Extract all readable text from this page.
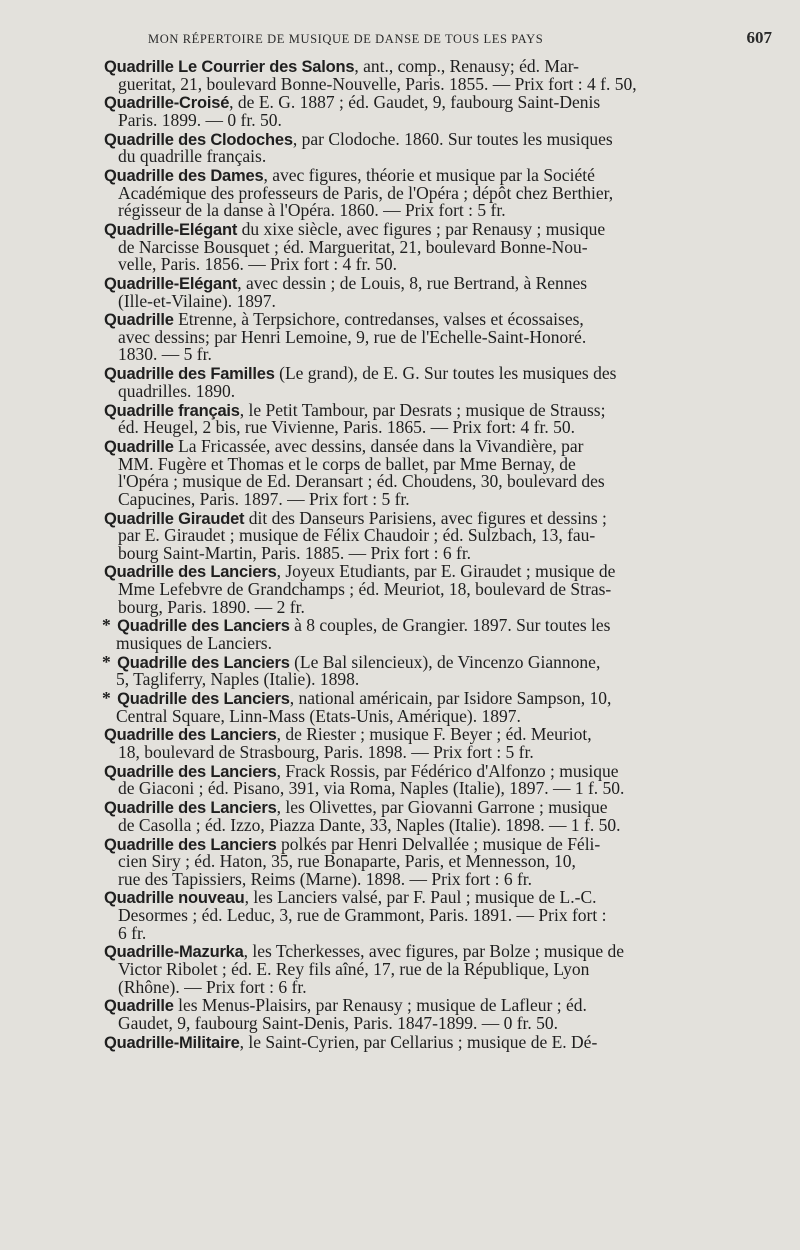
MON RÉPERTOIRE DE MUSIQUE DE DANSE DE TOUS LES PAYS	607
Quadrille Le Courrier des Salons, ant., comp., Renausy; éd. Mar-
gueritat, 21, boulevard Bonne-Nouvelle, Paris. 1855. — Prix fort : 4 f. 50,
Quadrille-Croisé, de E. G. 1887 ; éd. Gaudet, 9, faubourg Saint-Denis
Paris. 1899. — 0 fr. 50.
Quadrille des Clodoches, par Clodoche. 1860. Sur toutes les musiques
du quadrille français.
Quadrille des Dames, avec figures, théorie et musique par la Société
Académique des professeurs de Paris, de l'Opéra ; dépôt chez Berthier,
régisseur de la danse à l'Opéra. 1860. — Prix fort : 5 fr.
Quadrille-Elégant du xixe siècle, avec figures ; par Renausy ; musique
de Narcisse Bousquet ; éd. Margueritat, 21, boulevard Bonne-Nou-
velle, Paris. 1856. — Prix fort : 4 fr. 50.
Quadrille-Elégant, avec dessin ; de Louis, 8, rue Bertrand, à Rennes
(Ille-et-Vilaine). 1897.
Quadrille Etrenne, à Terpsichore, contredanses, valses et écossaises,
avec dessins; par Henri Lemoine, 9, rue de l'Echelle-Saint-Honoré.
1830. — 5 fr.
Quadrille des Familles (Le grand), de E. G. Sur toutes les musiques des
quadrilles. 1890.
Quadrille français, le Petit Tambour, par Desrats ; musique de Strauss;
éd. Heugel, 2 bis, rue Vivienne, Paris. 1865. — Prix fort: 4 fr. 50.
Quadrille La Fricassée, avec dessins, dansée dans la Vivandière, par
MM. Fugère et Thomas et le corps de ballet, par Mme Bernay, de
l'Opéra ; musique de Ed. Deransart ; éd. Choudens, 30, boulevard des
Capucines, Paris. 1897. — Prix fort : 5 fr.
Quadrille Giraudet dit des Danseurs Parisiens, avec figures et dessins ;
par E. Giraudet ; musique de Félix Chaudoir ; éd. Sulzbach, 13, fau-
bourg Saint-Martin, Paris. 1885. — Prix fort : 6 fr.
Quadrille des Lanciers, Joyeux Etudiants, par E. Giraudet ; musique de
Mme Lefebvre de Grandchamps ; éd. Meuriot, 18, boulevard de Stras-
bourg, Paris. 1890. — 2 fr.
* Quadrille des Lanciers à 8 couples, de Grangier. 1897. Sur toutes les
musiques de Lanciers.
* Quadrille des Lanciers (Le Bal silencieux), de Vincenzo Giannone,
5, Tagliferry, Naples (Italie). 1898.
* Quadrille des Lanciers, national américain, par Isidore Sampson, 10,
Central Square, Linn-Mass (Etats-Unis, Amérique). 1897.
Quadrille des Lanciers, de Riester ; musique F. Beyer ; éd. Meuriot,
18, boulevard de Strasbourg, Paris. 1898. — Prix fort : 5 fr.
Quadrille des Lanciers, Frack Rossis, par Fédérico d'Alfonzo ; musique
de Giaconi ; éd. Pisano, 391, via Roma, Naples (Italie), 1897. — 1 f. 50.
Quadrille des Lanciers, les Olivettes, par Giovanni Garrone ; musique
de Casolla ; éd. Izzo, Piazza Dante, 33, Naples (Italie). 1898. — 1 f. 50.
Quadrille des Lanciers polkés par Henri Delvallée ; musique de Féli-
cien Siry ; éd. Haton, 35, rue Bonaparte, Paris, et Mennesson, 10,
rue des Tapissiers, Reims (Marne). 1898. — Prix fort : 6 fr.
Quadrille nouveau, les Lanciers valsé, par F. Paul ; musique de L.-C.
Desormes ; éd. Leduc, 3, rue de Grammont, Paris. 1891. — Prix fort :
6 fr.
Quadrille-Mazurka, les Tcherkesses, avec figures, par Bolze ; musique de
Victor Ribolet ; éd. E. Rey fils aîné, 17, rue de la République, Lyon
(Rhône). — Prix fort : 6 fr.
Quadrille les Menus-Plaisirs, par Renausy ; musique de Lafleur ; éd.
Gaudet, 9, faubourg Saint-Denis, Paris. 1847-1899. — 0 fr. 50.
Quadrille-Militaire, le Saint-Cyrien, par Cellarius ; musique de E. Dé-
